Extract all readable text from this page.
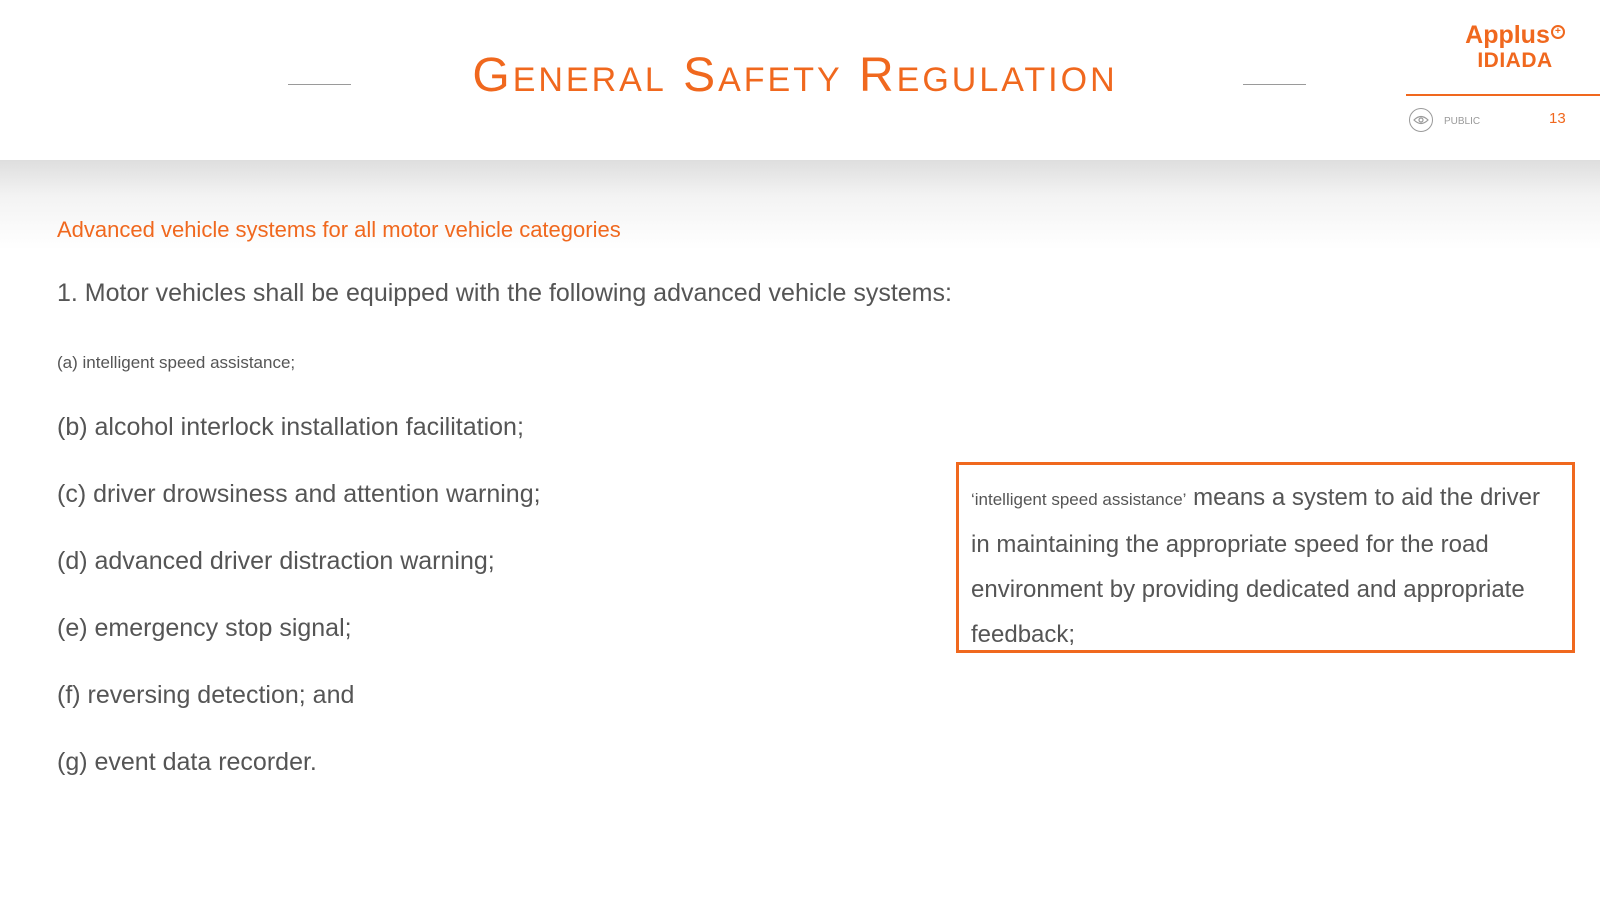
General Safety Regulation
Applus +
IDIADA
PUBLIC	13
Advanced vehicle systems for all motor vehicle categories
1. Motor vehicles shall be equipped with the following advanced vehicle systems:
(a) intelligent speed assistance;
(b) alcohol interlock installation facilitation;
(c) driver drowsiness and attention warning;
(d) advanced driver distraction warning;
(e) emergency stop signal;
(f) reversing detection; and
(g) event data recorder.
‘intelligent speed assistance’ means a system to aid the driver in maintaining the appropriate speed for the road environment by providing dedicated and appropriate feedback;
